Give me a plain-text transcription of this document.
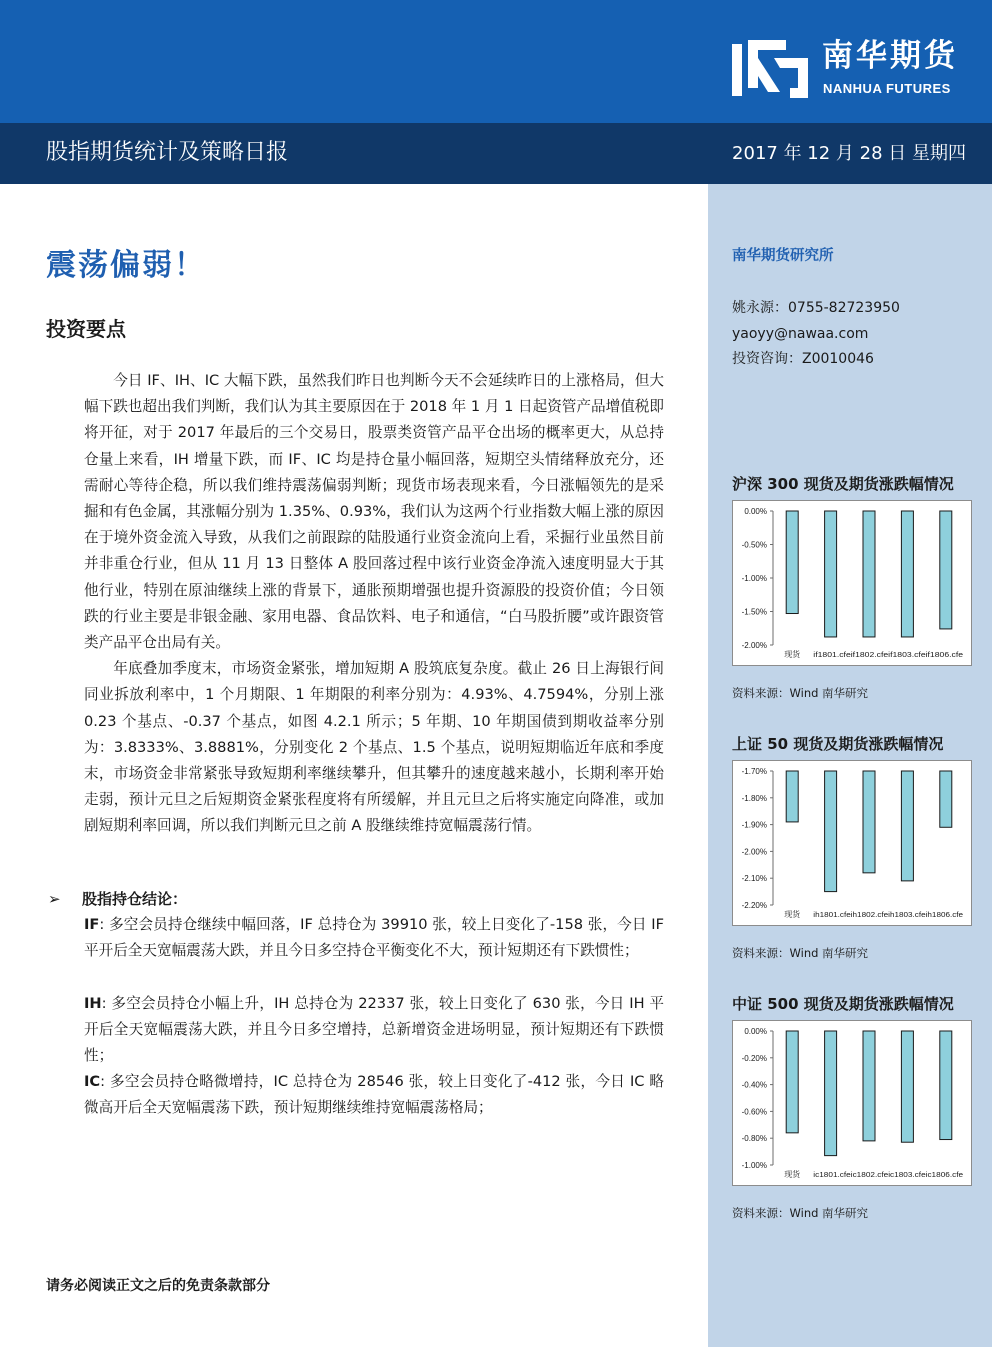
南华期货
NANHUA FUTURES
股指期货统计及策略日报	2017 年 12 月 28 日 星期四
震荡偏弱！
投资要点

今日 IF、IH、IC 大幅下跌，虽然我们昨日也判断今天不会延续昨日的上涨格局，但大幅下跌也超出我们判断，我们认为其主要原因在于 2018 年 1 月 1 日起资管产品增值税即将开征，对于 2017 年最后的三个交易日，股票类资管产品平仓出场的概率更大，从总持仓量上来看，IH 增量下跌，而 IF、IC 均是持仓量小幅回落，短期空头情绪释放充分，还需耐心等待企稳，所以我们维持震荡偏弱判断；现货市场表现来看，今日涨幅领先的是采掘和有色金属，其涨幅分别为 1.35%、0.93%，我们认为这两个行业指数大幅上涨的原因在于境外资金流入导致，从我们之前跟踪的陆股通行业资金流向上看，采掘行业虽然目前并非重仓行业，但从 11 月 13 日整体 A 股回落过程中该行业资金净流入速度明显大于其他行业，特别在原油继续上涨的背景下，通胀预期增强也提升资源股的投资价值；今日领跌的行业主要是非银金融、家用电器、食品饮料、电子和通信，“白马股折腰”或许跟资管类产品平仓出局有关。

年底叠加季度末，市场资金紧张，增加短期 A 股筑底复杂度。截止 26 日上海银行间同业拆放利率中，1 个月期限、1 年期限的利率分别为：4.93%、4.7594%，分别上涨 0.23 个基点、-0.37 个基点，如图 4.2.1 所示；5 年期、10 年期国债到期收益率分别为：3.8333%、3.8881%，分别变化 2 个基点、1.5 个基点，说明短期临近年底和季度末，市场资金非常紧张导致短期利率继续攀升，但其攀升的速度越来越小，长期利率开始走弱，预计元旦之后短期资金紧张程度将有所缓解，并且元旦之后将实施定向降准，或加剧短期利率回调，所以我们判断元旦之前 A 股继续维持宽幅震荡行情。

➢ 股指持仓结论：
IF: 多空会员持仓继续中幅回落，IF 总持仓为 39910 张，较上日变化了-158 张，今日 IF 平开后全天宽幅震荡大跌，并且今日多空持仓平衡变化不大，预计短期还有下跌惯性；
IH: 多空会员持仓小幅上升，IH 总持仓为 22337 张，较上日变化了 630 张，今日 IH 平开后全天宽幅震荡大跌，并且今日多空增持，总新增资金进场明显，预计短期还有下跌惯性；
IC: 多空会员持仓略微增持，IC 总持仓为 28546 张，较上日变化了-412 张，今日 IC 略微高开后全天宽幅震荡下跌，预计短期继续维持宽幅震荡格局；
请务必阅读正文之后的免责条款部分
南华期货研究所
姚永源：0755-82723950
yaoyy@nawaa.com
投资咨询：Z0010046
沪深 300 现货及期货涨跌幅情况
0.00%
-0.50%
-1.00%
-1.50%
-2.00%
现货 if1801.cfeif1802.cfeif1803.cfeif1806.cfe
资料来源：Wind 南华研究
上证 50 现货及期货涨跌幅情况
-1.70%
-1.80%
-1.90%
-2.00%
-2.10%
-2.20%
现货 ih1801.cfeih1802.cfeih1803.cfeih1806.cfe
资料来源：Wind 南华研究
中证 500 现货及期货涨跌幅情况
0.00%
-0.20%
-0.40%
-0.60%
-0.80%
-1.00%
现货 ic1801.cfeic1802.cfeic1803.cfeic1806.cfe
资料来源：Wind 南华研究
